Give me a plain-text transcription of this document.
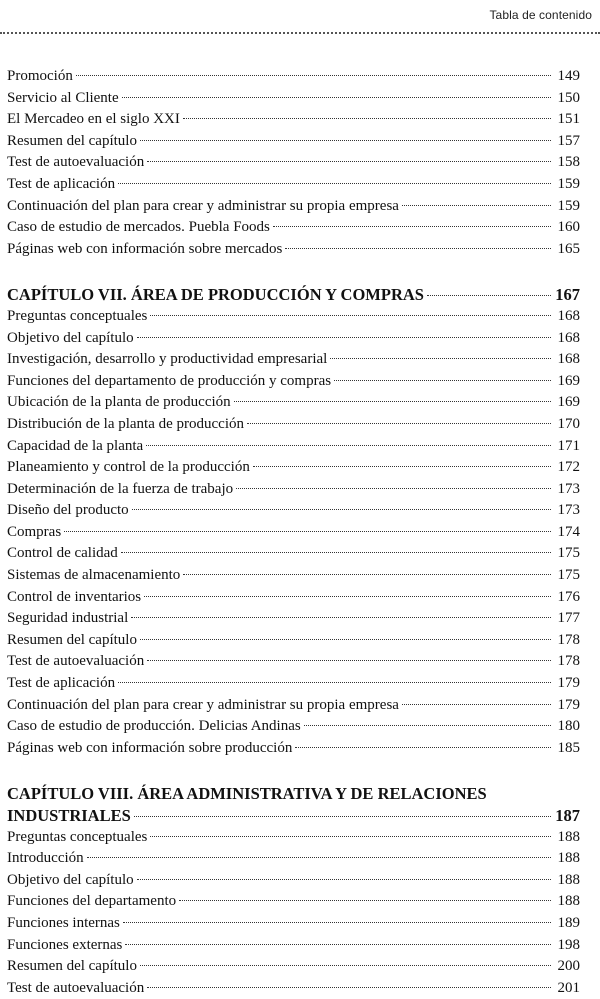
Tabla de contenido
Promoción	149
Servicio al Cliente	150
El Mercadeo en el siglo XXI	151
Resumen del capítulo	157
Test de autoevaluación	158
Test de aplicación	159
Continuación del plan para crear y administrar su propia empresa	159
Caso de estudio de mercados. Puebla Foods	160
Páginas web con información sobre mercados	165
CAPÍTULO VII. ÁREA DE PRODUCCIÓN Y COMPRAS	167
Preguntas conceptuales	168
Objetivo del capítulo	168
Investigación, desarrollo y productividad empresarial	168
Funciones del departamento de producción y compras	169
Ubicación de la planta de producción	169
Distribución de la planta de producción	170
Capacidad de la planta	171
Planeamiento y control de la producción	172
Determinación de la fuerza de trabajo	173
Diseño del producto	173
Compras	174
Control de calidad	175
Sistemas de almacenamiento	175
Control de inventarios	176
Seguridad industrial	177
Resumen del capítulo	178
Test de autoevaluación	178
Test de aplicación	179
Continuación del plan para crear y administrar su propia empresa	179
Caso de estudio de producción. Delicias Andinas	180
Páginas web con información sobre producción	185
CAPÍTULO VIII. ÁREA ADMINISTRATIVA Y DE RELACIONES
INDUSTRIALES	187
Preguntas conceptuales	188
Introducción	188
Objetivo del capítulo	188
Funciones del departamento	188
Funciones internas	189
Funciones externas	198
Resumen del capítulo	200
Test de autoevaluación	201
